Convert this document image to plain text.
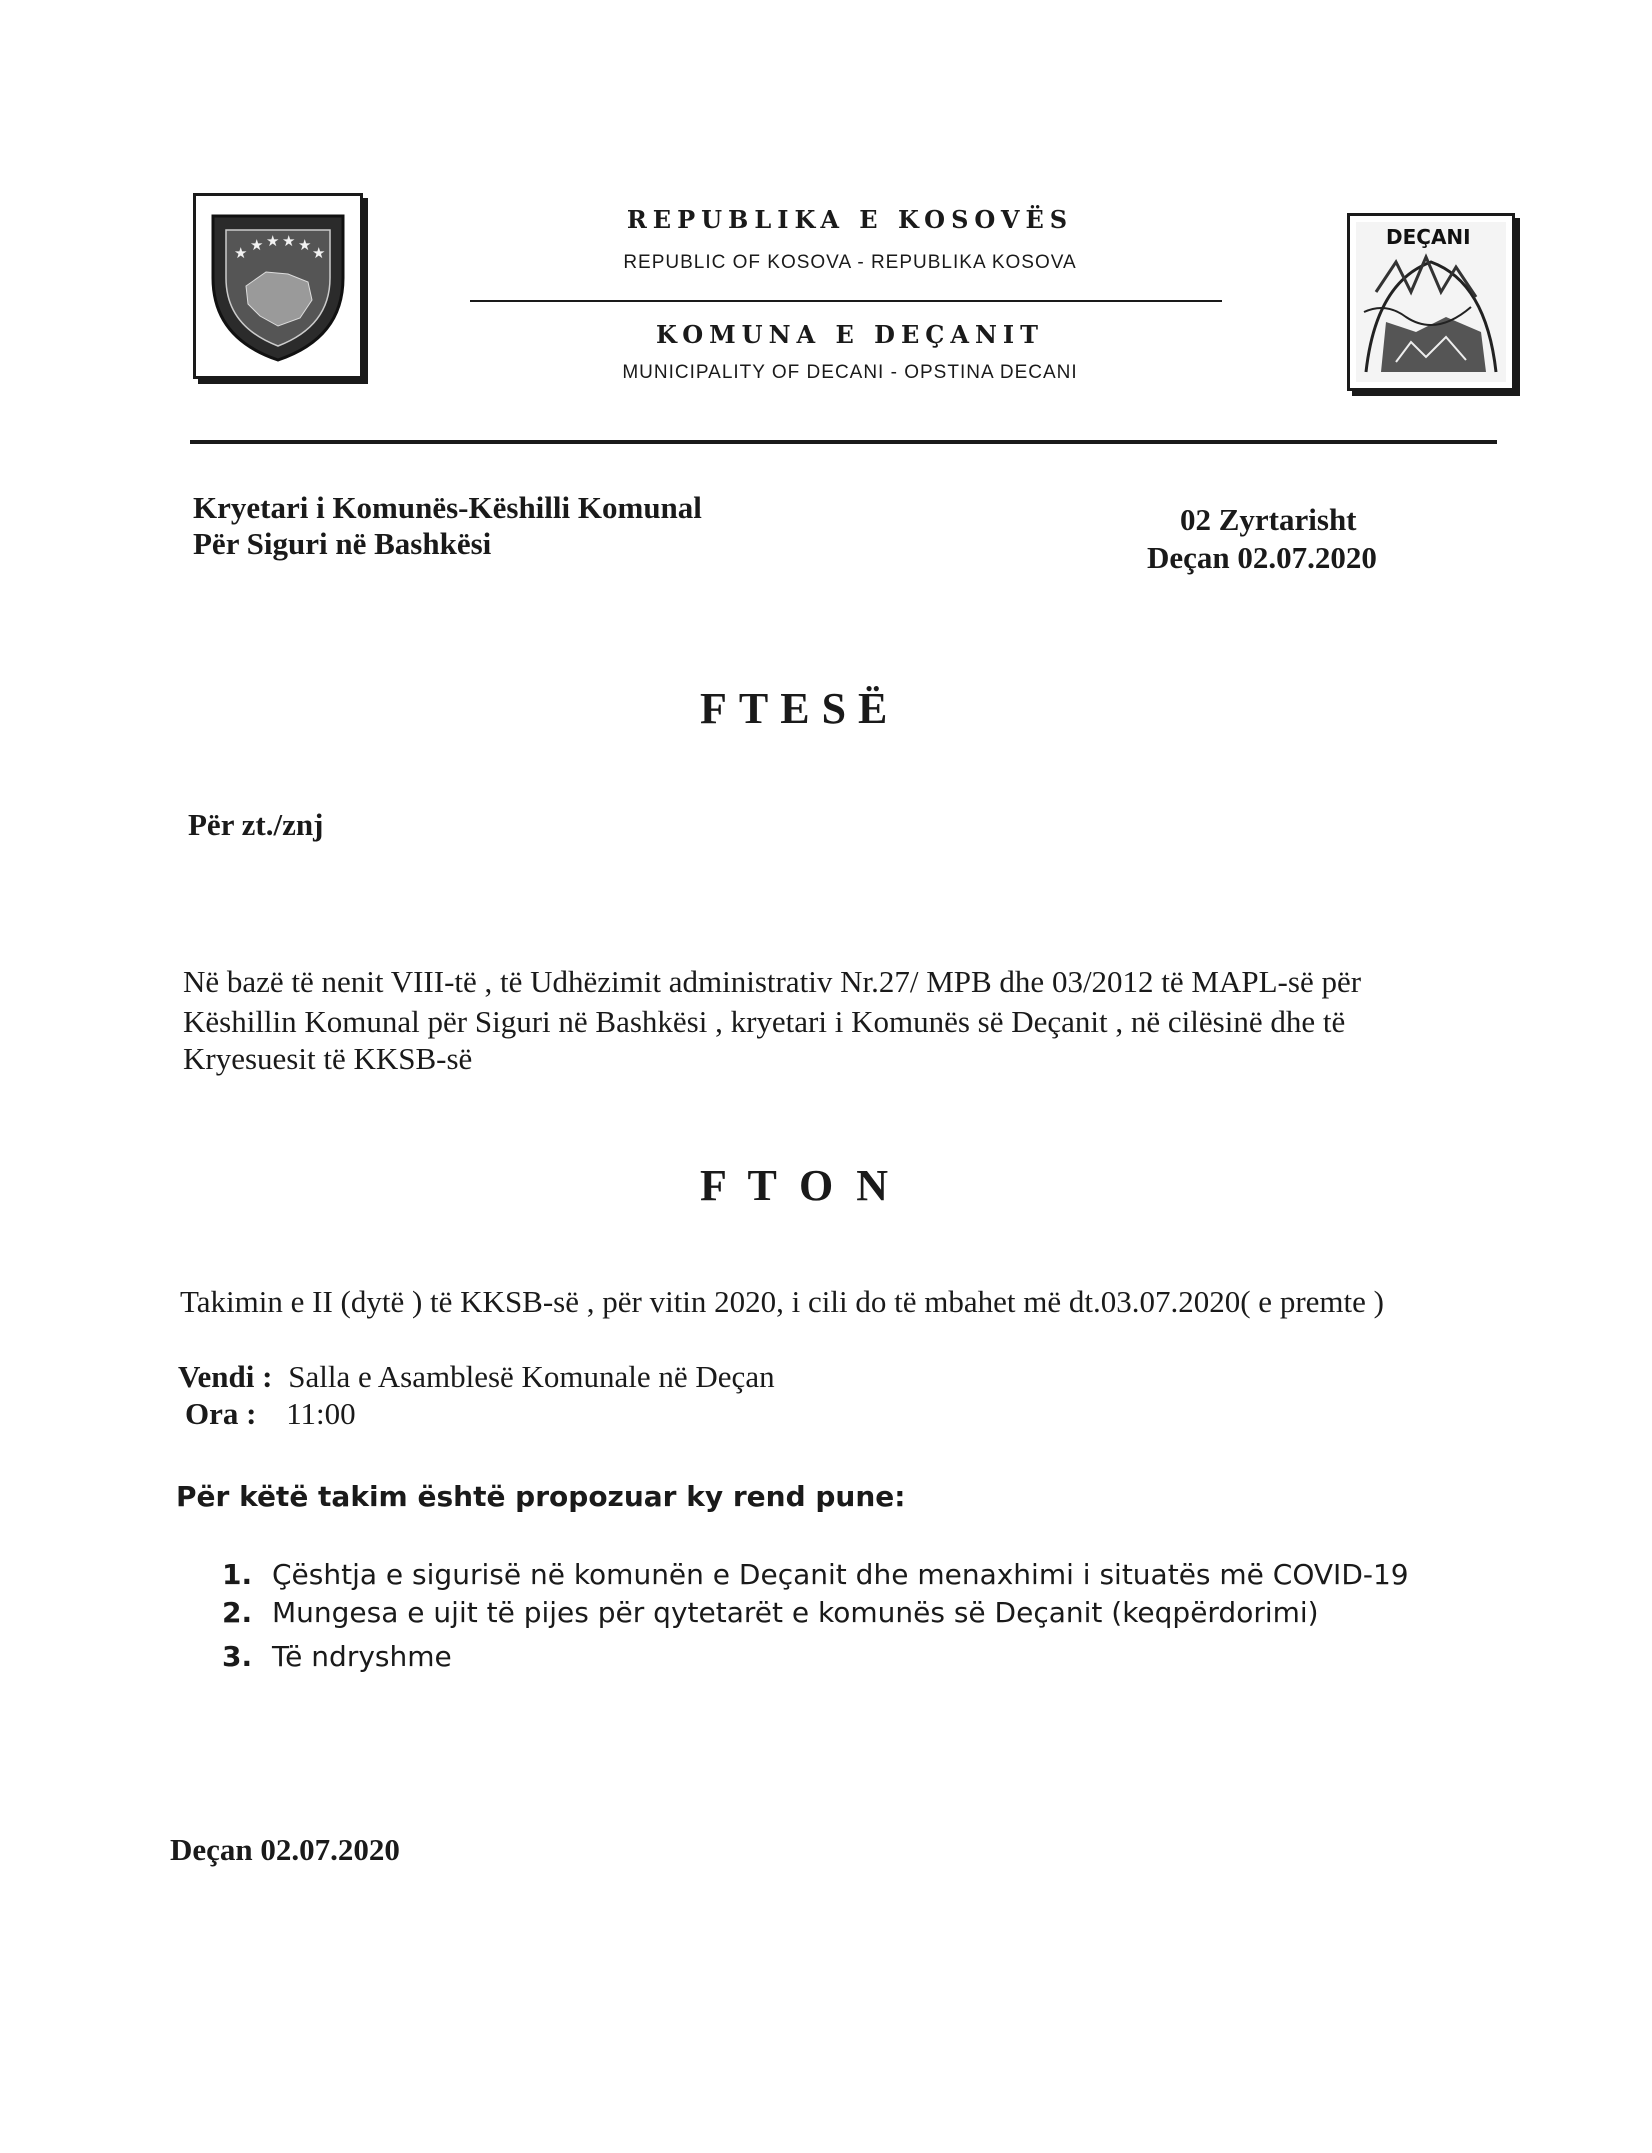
★ ★ ★ ★ ★ ★
REPUBLIKA E KOSOVËS
REPUBLIC OF KOSOVA - REPUBLIKA KOSOVA
KOMUNA E DEÇANIT
MUNICIPALITY OF DECANI - OPSTINA DECANI
DEÇANI
Kryetari i Komunës-Këshilli Komunal
Për Siguri në Bashkësi
02 Zyrtarisht
Deçan 02.07.2020
FTESË
Për zt./znj
Në bazë të nenit VIII-të , të Udhëzimit administrativ Nr.27/ MPB dhe 03/2012 të MAPL-së për
Këshillin Komunal për Siguri në Bashkësi , kryetari i Komunës së Deçanit , në cilësinë dhe të
Kryesuesit të KKSB-së
F T O N
Takimin e II (dytë ) të KKSB-së , për vitin 2020, i cili do të mbahet më dt.03.07.2020( e premte )
Vendi : Salla e Asamblesë Komunale në Deçan
Ora : 11:00
Për këtë takim është propozuar ky rend pune:
1. Çështja e sigurisë në komunën e Deçanit dhe menaxhimi i situatës më COVID-19
2. Mungesa e ujit të pijes për qytetarët e komunës së Deçanit (keqpërdorimi)
3. Të ndryshme
Deçan 02.07.2020
